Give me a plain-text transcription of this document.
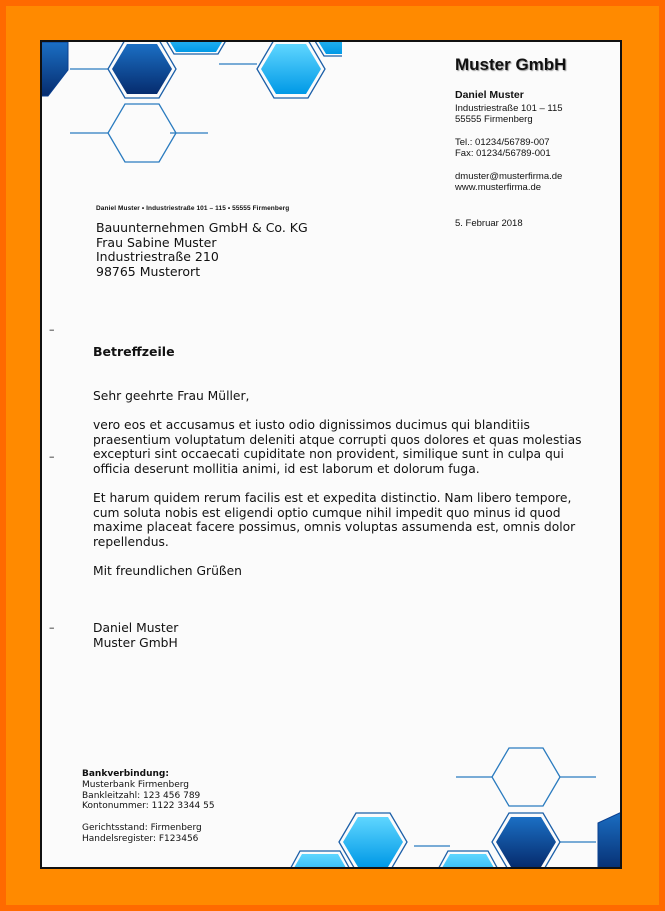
Muster GmbH
Daniel Muster
Industriestraße 101 – 115
55555 Firmenberg
Tel.: 01234/56789-007
Fax: 01234/56789-001
dmuster@musterfirma.de
www.musterfirma.de
5. Februar 2018
Daniel Muster • Industriestraße 101 – 115 • 55555 Firmenberg
Bauunternehmen GmbH & Co. KG
Frau Sabine Muster
Industriestraße 210
98765 Musterort
–
–
–
Betreffzeile

Sehr geehrte Frau Müller,

vero eos et accusamus et iusto odio dignissimos ducimus qui blanditiis praesentium voluptatum deleniti atque corrupti quos dolores et quas molestias excepturi sint occaecati cupiditate non provident, similique sunt in culpa qui officia deserunt mollitia animi, id est laborum et dolorum fuga.

Et harum quidem rerum facilis est et expedita distinctio. Nam libero tempore, cum soluta nobis est eligendi optio cumque nihil impedit quo minus id quod maxime placeat facere possimus, omnis voluptas assumenda est, omnis dolor repellendus.

Mit freundlichen Grüßen

Daniel Muster
Muster GmbH
Bankverbindung:
Musterbank Firmenberg
Bankleitzahl: 123 456 789
Kontonummer: 1122 3344 55
Gerichtsstand: Firmenberg
Handelsregister: F123456
